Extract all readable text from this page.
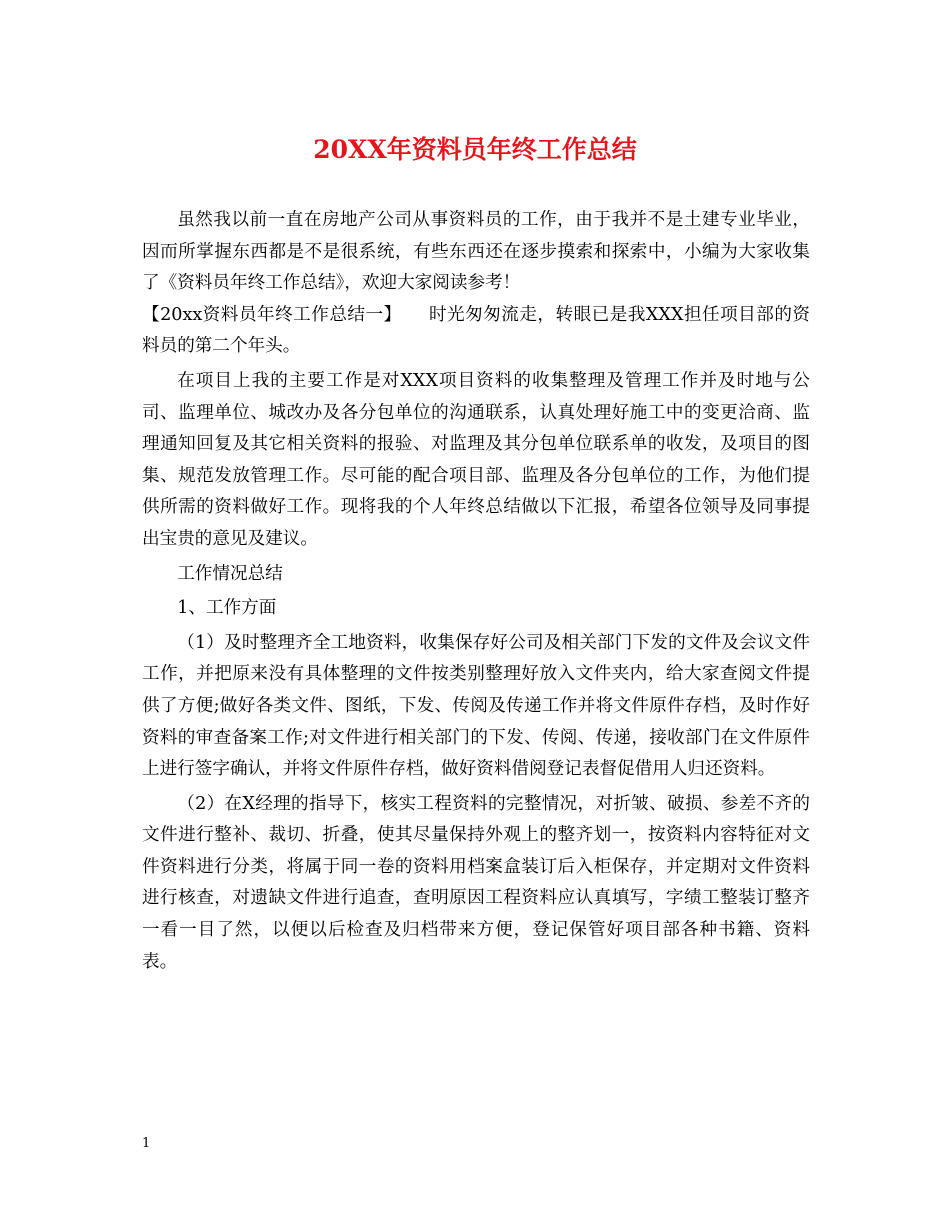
20XX年资料员年终工作总结

虽然我以前一直在房地产公司从事资料员的工作，由于我并不是土建专业毕业，因而所掌握东西都是不是很系统，有些东西还在逐步摸索和探索中，小编为大家收集了《资料员年终工作总结》，欢迎大家阅读参考！

【20xx资料员年终工作总结一】　　时光匆匆流走，转眼已是我XXX担任项目部的资料员的第二个年头。

在项目上我的主要工作是对XXX项目资料的收集整理及管理工作并及时地与公司、监理单位、城改办及各分包单位的沟通联系，认真处理好施工中的变更洽商、监理通知回复及其它相关资料的报验、对监理及其分包单位联系单的收发，及项目的图集、规范发放管理工作。尽可能的配合项目部、监理及各分包单位的工作，为他们提供所需的资料做好工作。现将我的个人年终总结做以下汇报，希望各位领导及同事提出宝贵的意见及建议。

工作情况总结

1、工作方面

（1）及时整理齐全工地资料，收集保存好公司及相关部门下发的文件及会议文件工作，并把原来没有具体整理的文件按类别整理好放入文件夹内，给大家查阅文件提供了方便;做好各类文件、图纸，下发、传阅及传递工作并将文件原件存档，及时作好资料的审查备案工作;对文件进行相关部门的下发、传阅、传递，接收部门在文件原件上进行签字确认，并将文件原件存档，做好资料借阅登记表督促借用人归还资料。

（2）在X经理的指导下，核实工程资料的完整情况，对折皱、破损、参差不齐的文件进行整补、裁切、折叠，使其尽量保持外观上的整齐划一，按资料内容特征对文件资料进行分类，将属于同一卷的资料用档案盒装订后入柜保存，并定期对文件资料进行核查，对遗缺文件进行追查，查明原因工程资料应认真填写，字绩工整装订整齐一看一目了然，以便以后检查及归档带来方便，登记保管好项目部各种书籍、资料表。

1
